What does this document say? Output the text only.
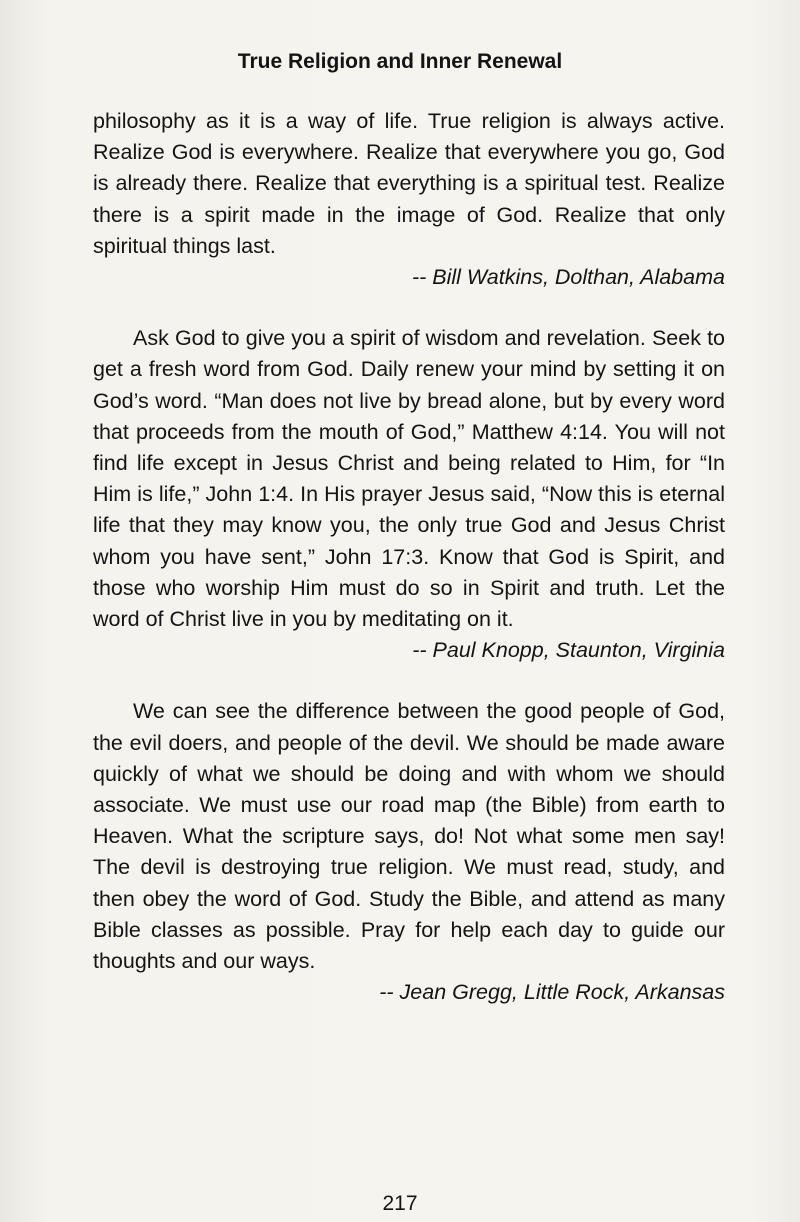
True Religion and Inner Renewal

philosophy as it is a way of life. True religion is always active. Realize God is everywhere. Realize that everywhere you go, God is already there. Realize that everything is a spiritual test. Realize there is a spirit made in the image of God. Realize that only spiritual things last.

-- Bill Watkins, Dolthan, Alabama

Ask God to give you a spirit of wisdom and revelation. Seek to get a fresh word from God. Daily renew your mind by setting it on God’s word. “Man does not live by bread alone, but by every word that proceeds from the mouth of God,” Matthew 4:14. You will not find life except in Jesus Christ and being related to Him, for “In Him is life,” John 1:4. In His prayer Jesus said, “Now this is eternal life that they may know you, the only true God and Jesus Christ whom you have sent,” John 17:3. Know that God is Spirit, and those who worship Him must do so in Spirit and truth. Let the word of Christ live in you by meditating on it.

-- Paul Knopp, Staunton, Virginia

We can see the difference between the good people of God, the evil doers, and people of the devil. We should be made aware quickly of what we should be doing and with whom we should associate. We must use our road map (the Bible) from earth to Heaven. What the scripture says, do! Not what some men say! The devil is destroying true religion. We must read, study, and then obey the word of God. Study the Bible, and attend as many Bible classes as possible. Pray for help each day to guide our thoughts and our ways.

-- Jean Gregg, Little Rock, Arkansas

217
